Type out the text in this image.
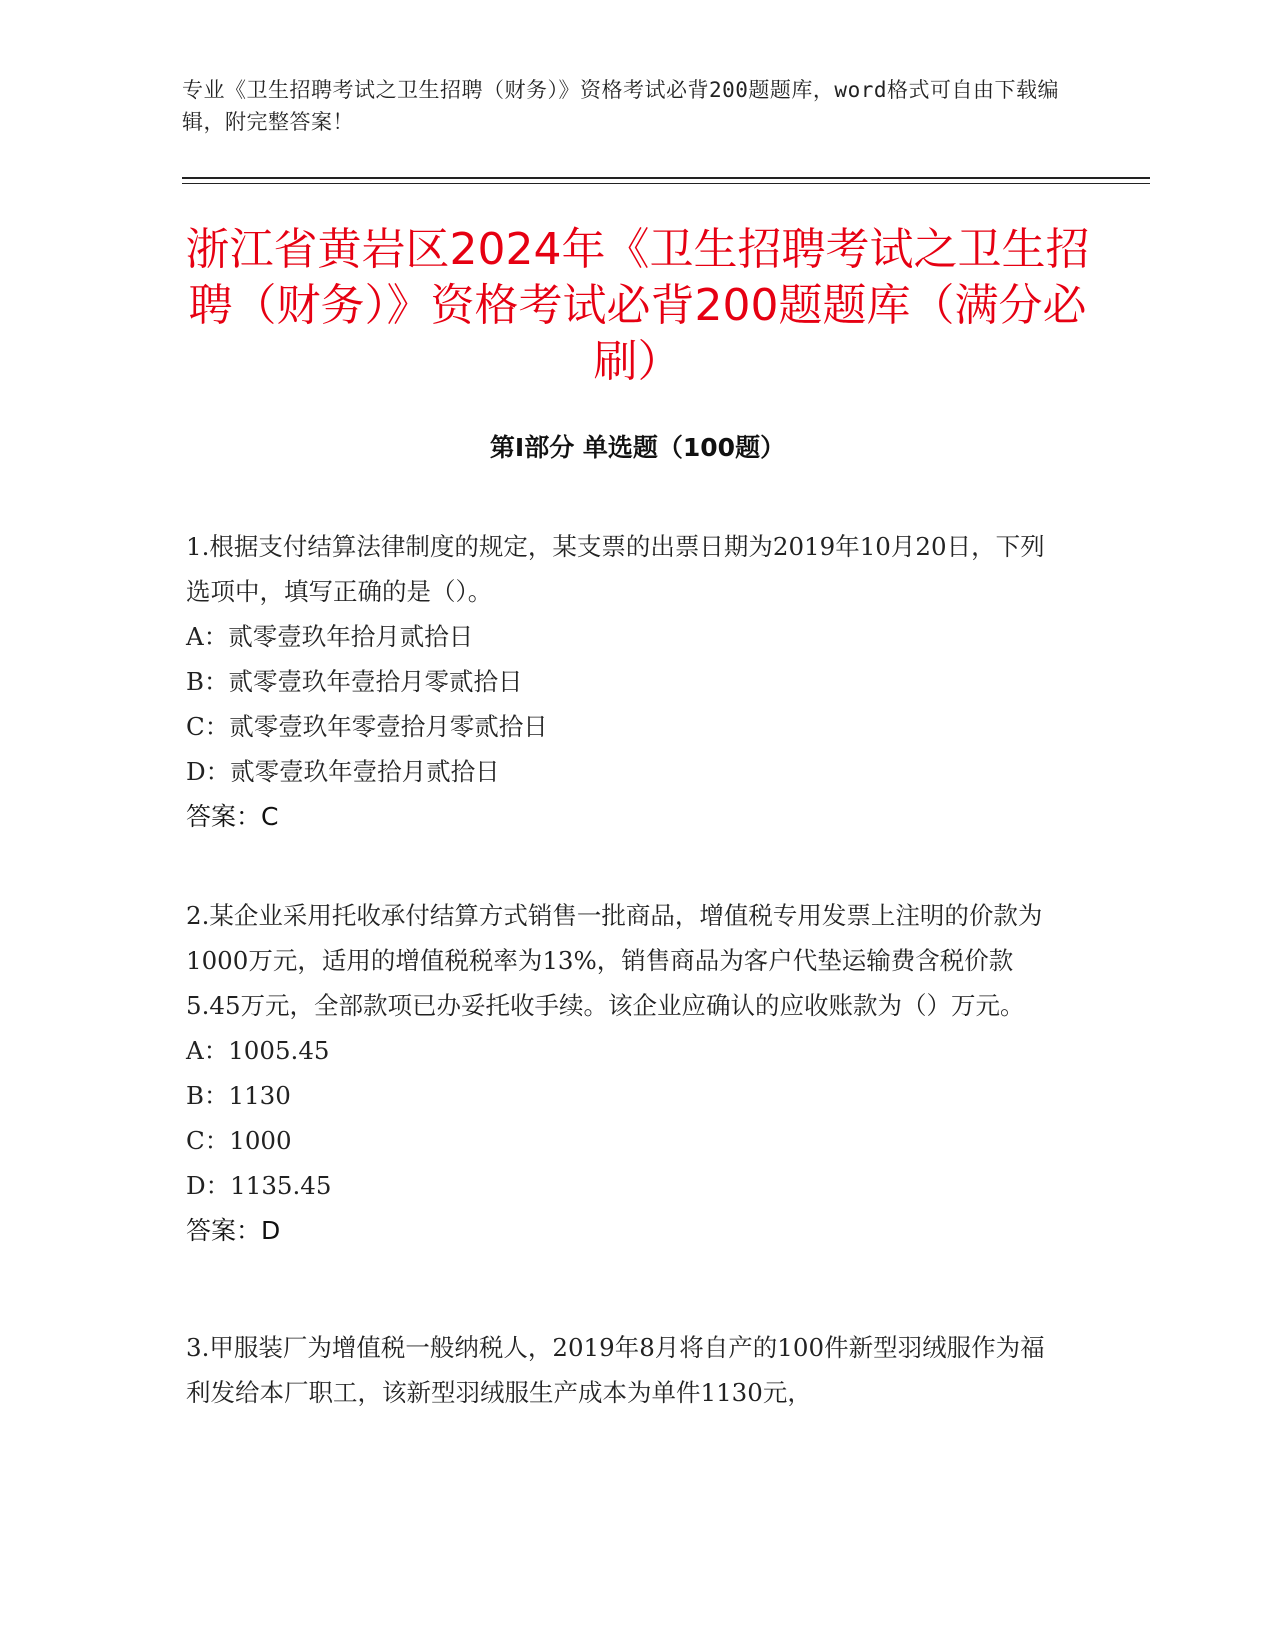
专业《卫生招聘考试之卫生招聘（财务）》资格考试必背200题题库，word格式可自由下载编辑，附完整答案！
浙江省黄岩区2024年《卫生招聘考试之卫生招聘（财务）》资格考试必背200题题库（满分必刷）
第Ⅰ部分 单选题（100题）

1.根据支付结算法律制度的规定，某支票的出票日期为2019年10月20日，下列选项中，填写正确的是（）。

A：贰零壹玖年拾月贰拾日

B：贰零壹玖年壹拾月零贰拾日

C：贰零壹玖年零壹拾月零贰拾日

D：贰零壹玖年壹拾月贰拾日

答案：C

2.某企业采用托收承付结算方式销售一批商品，增值税专用发票上注明的价款为1000万元，适用的增值税税率为13%，销售商品为客户代垫运输费含税价款5.45万元，全部款项已办妥托收手续。该企业应确认的应收账款为（）万元。

A：1005.45

B：1130

C：1000

D：1135.45

答案：D

3.甲服装厂为增值税一般纳税人，2019年8月将自产的100件新型羽绒服作为福利发给本厂职工，该新型羽绒服生产成本为单件1130元，
